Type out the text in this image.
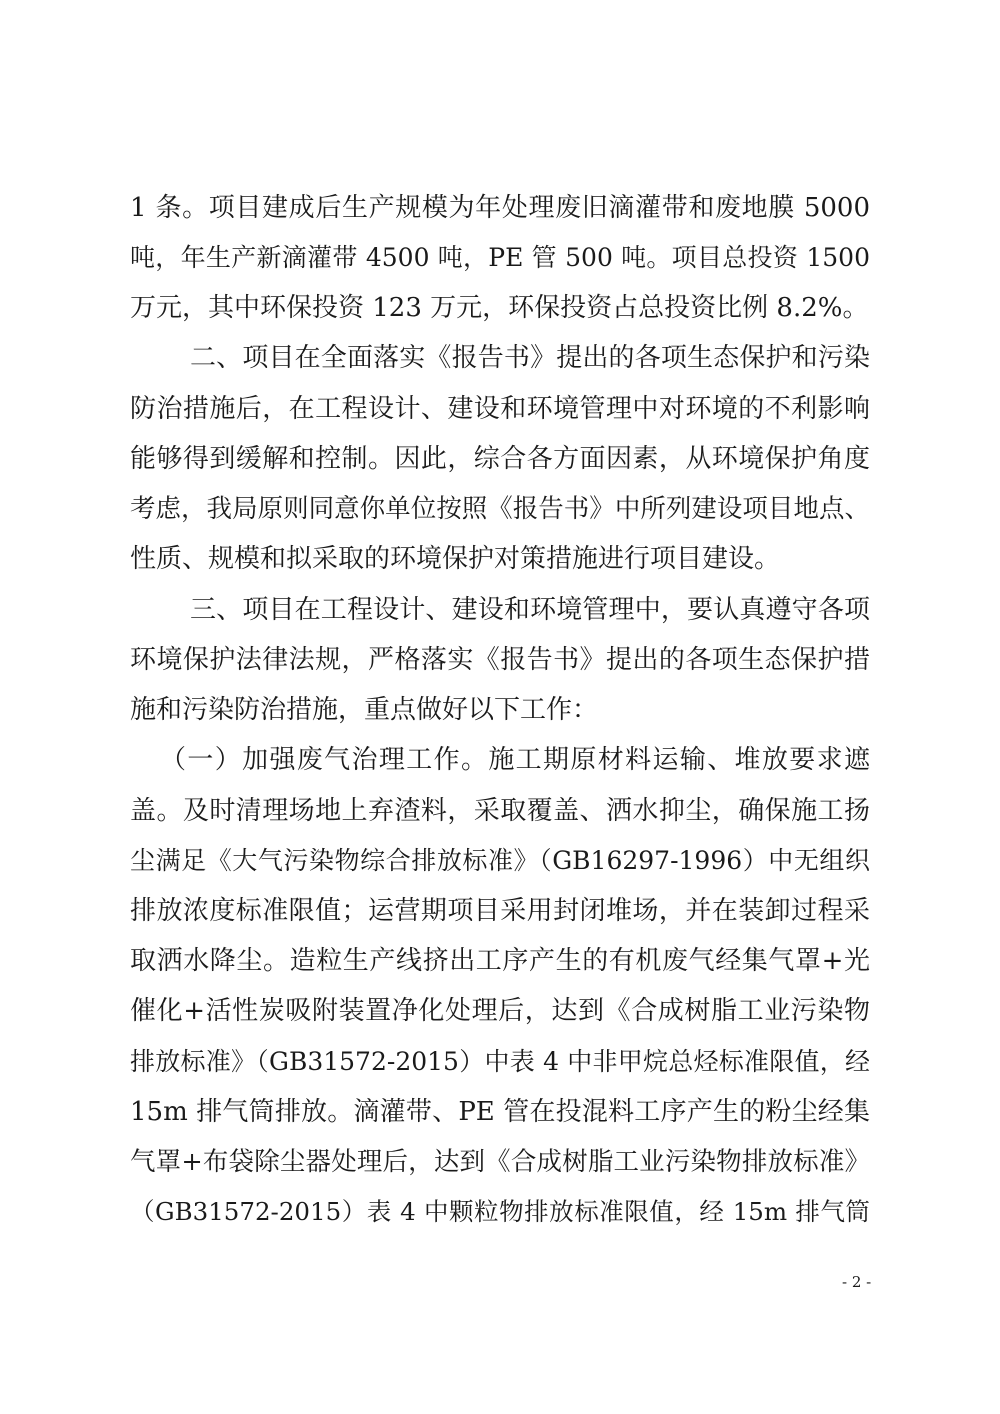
1 条。项目建成后生产规模为年处理废旧滴灌带和废地膜 5000
吨，年生产新滴灌带 4500 吨，PE 管 500 吨。项目总投资 1500
万元，其中环保投资 123 万元，环保投资占总投资比例 8.2%。
二、项目在全面落实《报告书》提出的各项生态保护和污染
防治措施后，在工程设计、建设和环境管理中对环境的不利影响
能够得到缓解和控制。因此，综合各方面因素，从环境保护角度
考虑，我局原则同意你单位按照《报告书》中所列建设项目地点、
性质、规模和拟采取的环境保护对策措施进行项目建设。
三、项目在工程设计、建设和环境管理中，要认真遵守各项
环境保护法律法规，严格落实《报告书》提出的各项生态保护措
施和污染防治措施，重点做好以下工作：
（一）加强废气治理工作。施工期原材料运输、堆放要求遮
盖。及时清理场地上弃渣料，采取覆盖、洒水抑尘，确保施工扬
尘满足《大气污染物综合排放标准》（GB16297-1996）中无组织
排放浓度标准限值；运营期项目采用封闭堆场，并在装卸过程采
取洒水降尘。造粒生产线挤出工序产生的有机废气经集气罩+光
催化+活性炭吸附装置净化处理后，达到《合成树脂工业污染物
排放标准》（GB31572-2015）中表 4 中非甲烷总烃标准限值，经
15m 排气筒排放。滴灌带、PE 管在投混料工序产生的粉尘经集
气罩+布袋除尘器处理后，达到《合成树脂工业污染物排放标准》
（GB31572-2015）表 4 中颗粒物排放标准限值，经 15m 排气筒
- 2 -
